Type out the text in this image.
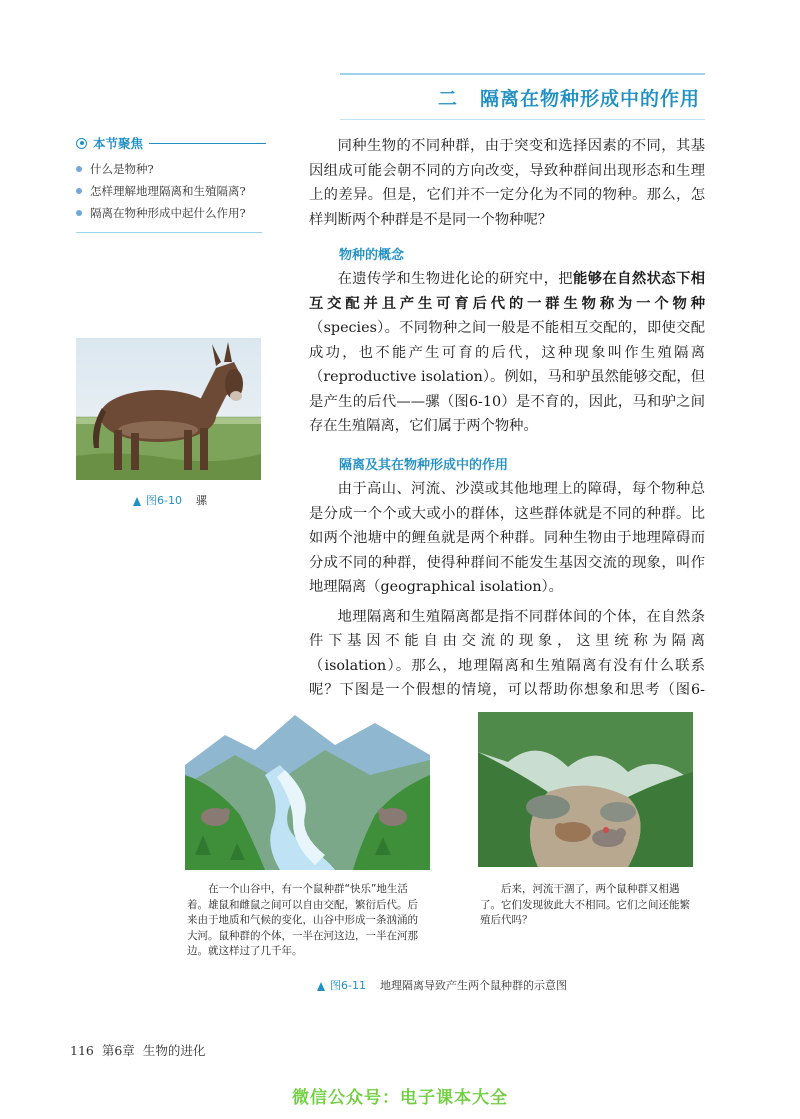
二 隔离在物种形成中的作用
本节聚焦
什么是物种?
怎样理解地理隔离和生殖隔离?
隔离在物种形成中起什么作用?

同种生物的不同种群，由于突变和选择因素的不同，其基因组成可能会朝不同的方向改变，导致种群间出现形态和生理上的差异。但是，它们并不一定分化为不同的物种。那么，怎样判断两个种群是不是同一个物种呢？

物种的概念

在遗传学和生物进化论的研究中，把能够在自然状态下相互交配并且产生可育后代的一群生物称为一个物种（species）。不同物种之间一般是不能相互交配的，即使交配成功，也不能产生可育的后代，这种现象叫作生殖隔离（reproductive isolation）。例如，马和驴虽然能够交配，但是产生的后代——骡（图6-10）是不育的，因此，马和驴之间存在生殖隔离，它们属于两个物种。

隔离及其在物种形成中的作用

由于高山、河流、沙漠或其他地理上的障碍，每个物种总是分成一个个或大或小的群体，这些群体就是不同的种群。比如两个池塘中的鲤鱼就是两个种群。同种生物由于地理障碍而分成不同的种群，使得种群间不能发生基因交流的现象，叫作地理隔离（geographical isolation）。

地理隔离和生殖隔离都是指不同群体间的个体，在自然条件下基因不能自由交流的现象，这里统称为隔离（isolation）。那么，地理隔离和生殖隔离有没有什么联系呢？下图是一个假想的情境，可以帮助你想象和思考（图6-

图6-10 骡

在一个山谷中，有一个鼠种群“快乐”地生活着。雄鼠和雌鼠之间可以自由交配，繁衍后代。后来由于地质和气候的变化，山谷中形成一条汹涌的大河。鼠种群的个体，一半在河这边，一半在河那边。就这样过了几千年。

后来，河流干涸了，两个鼠种群又相遇了。它们发现彼此大不相同。它们之间还能繁殖后代吗？

图6-11 地理隔离导致产生两个鼠种群的示意图
116 第6章 生物的进化
微信公众号：电子课本大全
